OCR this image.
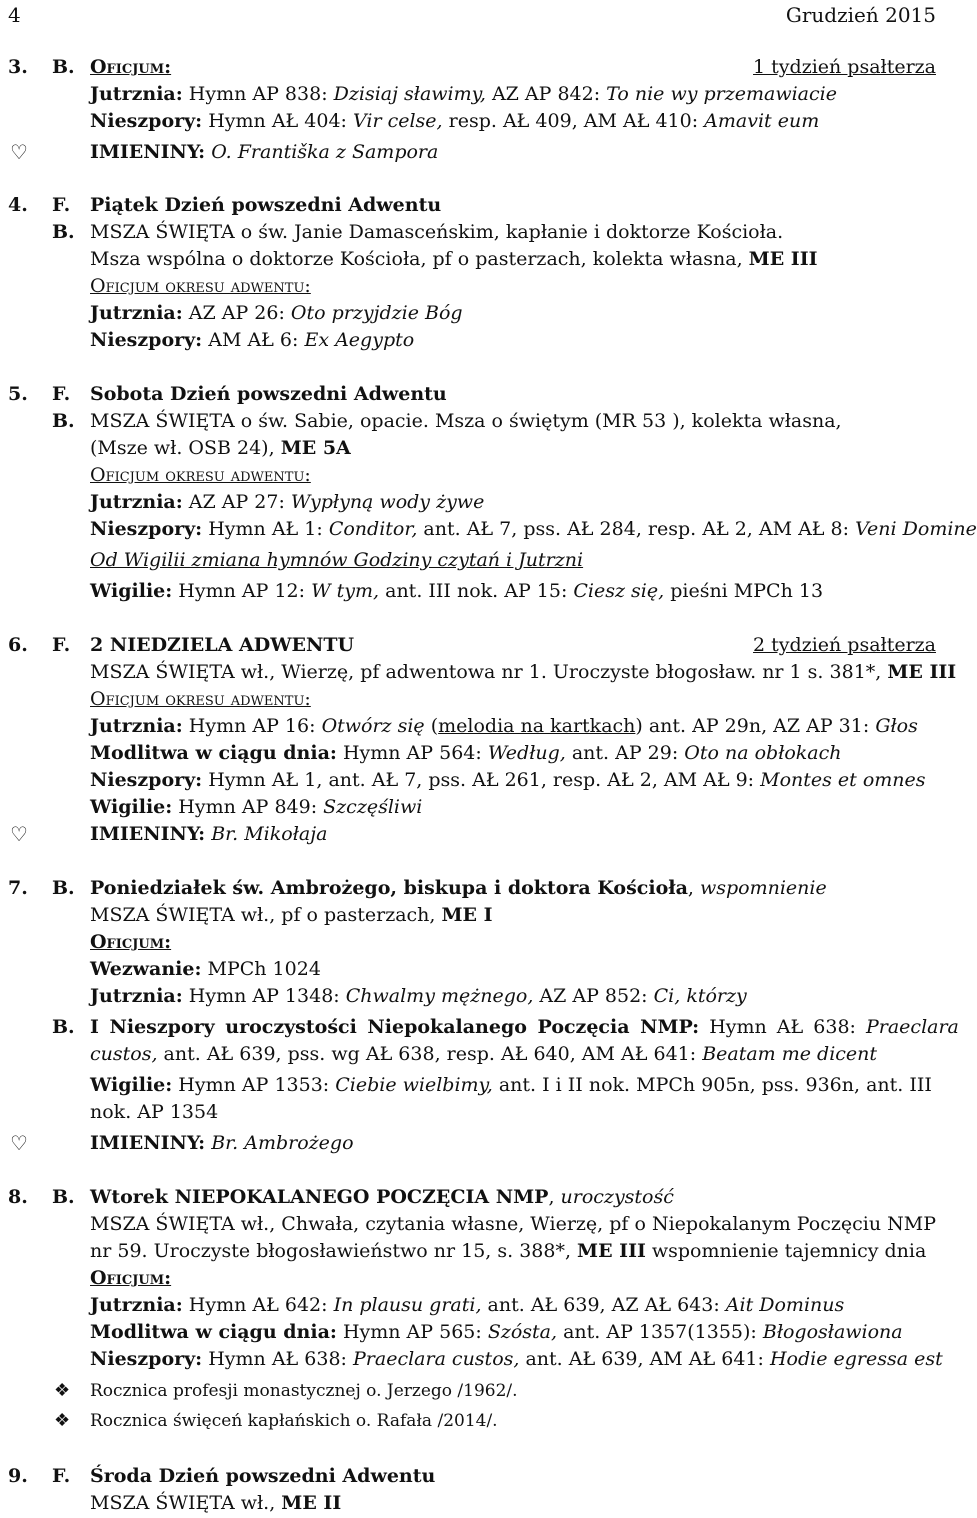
4	Grudzień 2015
3. B. Oficjum:	1 tydzień psałterza
Jutrznia: Hymn AP 838: Dzisiaj sławimy, AZ AP 842: To nie wy przemawiacie
Nieszpory: Hymn AŁ 404: Vir celse, resp. AŁ 409, AM AŁ 410: Amavit eum
♡	IMIENINY: O. Františka z Sampora
4. F. Piątek Dzień powszedni Adwentu
B. MSZA ŚWIĘTA o św. Janie Damasceńskim, kapłanie i doktorze Kościoła.
Msza wspólna o doktorze Kościoła, pf o pasterzach, kolekta własna, ME III
Oficjum okresu adwentu:
Jutrznia: AZ AP 26: Oto przyjdzie Bóg
Nieszpory: AM AŁ 6: Ex Aegypto
5. F. Sobota Dzień powszedni Adwentu
B. MSZA ŚWIĘTA o św. Sabie, opacie. Msza o świętym (MR 53 ), kolekta własna,
(Msze wł. OSB 24), ME 5A
Oficjum okresu adwentu:
Jutrznia: AZ AP 27: Wypłyną wody żywe
Nieszpory: Hymn AŁ 1: Conditor, ant. AŁ 7, pss. AŁ 284, resp. AŁ 2, AM AŁ 8: Veni Domine
Od Wigilii zmiana hymnów Godziny czytań i Jutrzni
Wigilie: Hymn AP 12: W tym, ant. III nok. AP 15: Ciesz się, pieśni MPCh 13
6. F. 2 NIEDZIELA ADWENTU	2 tydzień psałterza
MSZA ŚWIĘTA wł., Wierzę, pf adwentowa nr 1. Uroczyste błogosław. nr 1 s. 381*, ME III
Oficjum okresu adwentu:
Jutrznia: Hymn AP 16: Otwórz się (melodia na kartkach) ant. AP 29n, AZ AP 31: Głos
Modlitwa w ciągu dnia: Hymn AP 564: Według, ant. AP 29: Oto na obłokach
Nieszpory: Hymn AŁ 1, ant. AŁ 7, pss. AŁ 261, resp. AŁ 2, AM AŁ 9: Montes et omnes
Wigilie: Hymn AP 849: Szczęśliwi
♡	IMIENINY: Br. Mikołaja
7. B. Poniedziałek św. Ambrożego, biskupa i doktora Kościoła, wspomnienie
MSZA ŚWIĘTA wł., pf o pasterzach, ME I
Oficjum:
Wezwanie: MPCh 1024
Jutrznia: Hymn AP 1348: Chwalmy mężnego, AZ AP 852: Ci, którzy
B. I Nieszpory uroczystości Niepokalanego Poczęcia NMP: Hymn AŁ 638: Praeclara
custos, ant. AŁ 639, pss. wg AŁ 638, resp. AŁ 640, AM AŁ 641: Beatam me dicent
Wigilie: Hymn AP 1353: Ciebie wielbimy, ant. I i II nok. MPCh 905n, pss. 936n, ant. III
nok. AP 1354
♡	IMIENINY: Br. Ambrożego
8. B. Wtorek NIEPOKALANEGO POCZĘCIA NMP, uroczystość
MSZA ŚWIĘTA wł., Chwała, czytania własne, Wierzę, pf o Niepokalanym Poczęciu NMP
nr 59. Uroczyste błogosławieństwo nr 15, s. 388*, ME III wspomnienie tajemnicy dnia
Oficjum:
Jutrznia: Hymn AŁ 642: In plausu grati, ant. AŁ 639, AZ AŁ 643: Ait Dominus
Modlitwa w ciągu dnia: Hymn AP 565: Szósta, ant. AP 1357(1355): Błogosławiona
Nieszpory: Hymn AŁ 638: Praeclara custos, ant. AŁ 639, AM AŁ 641: Hodie egressa est
❖ Rocznica profesji monastycznej o. Jerzego /1962/.
❖ Rocznica święceń kapłańskich o. Rafała /2014/.
9. F. Środa Dzień powszedni Adwentu
MSZA ŚWIĘTA wł., ME II
